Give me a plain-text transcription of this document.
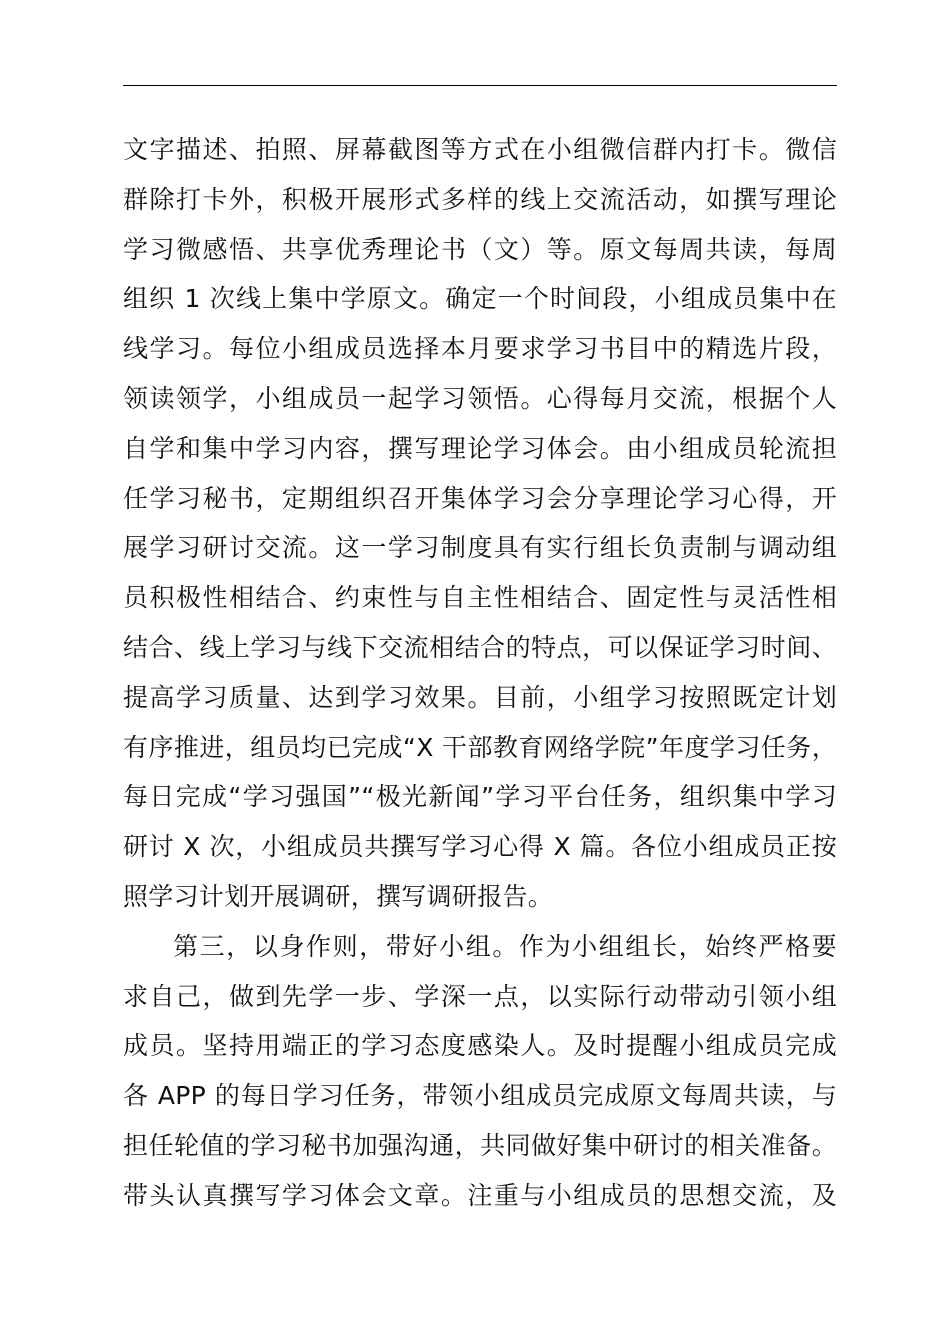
文字描述、拍照、屏幕截图等方式在小组微信群内打卡。微信
群除打卡外，积极开展形式多样的线上交流活动，如撰写理论
学习微感悟、共享优秀理论书（文）等。原文每周共读，每周
组织 1 次线上集中学原文。确定一个时间段，小组成员集中在
线学习。每位小组成员选择本月要求学习书目中的精选片段，
领读领学，小组成员一起学习领悟。心得每月交流，根据个人
自学和集中学习内容，撰写理论学习体会。由小组成员轮流担
任学习秘书，定期组织召开集体学习会分享理论学习心得，开
展学习研讨交流。这一学习制度具有实行组长负责制与调动组
员积极性相结合、约束性与自主性相结合、固定性与灵活性相
结合、线上学习与线下交流相结合的特点，可以保证学习时间、
提高学习质量、达到学习效果。目前，小组学习按照既定计划
有序推进，组员均已完成“X 干部教育网络学院”年度学习任务，
每日完成“学习强国”“极光新闻”学习平台任务，组织集中学习
研讨 X 次，小组成员共撰写学习心得 X 篇。各位小组成员正按
照学习计划开展调研，撰写调研报告。
第三，以身作则，带好小组。作为小组组长，始终严格要
求自己，做到先学一步、学深一点，以实际行动带动引领小组
成员。坚持用端正的学习态度感染人。及时提醒小组成员完成
各 APP 的每日学习任务，带领小组成员完成原文每周共读，与
担任轮值的学习秘书加强沟通，共同做好集中研讨的相关准备。
带头认真撰写学习体会文章。注重与小组成员的思想交流，及
